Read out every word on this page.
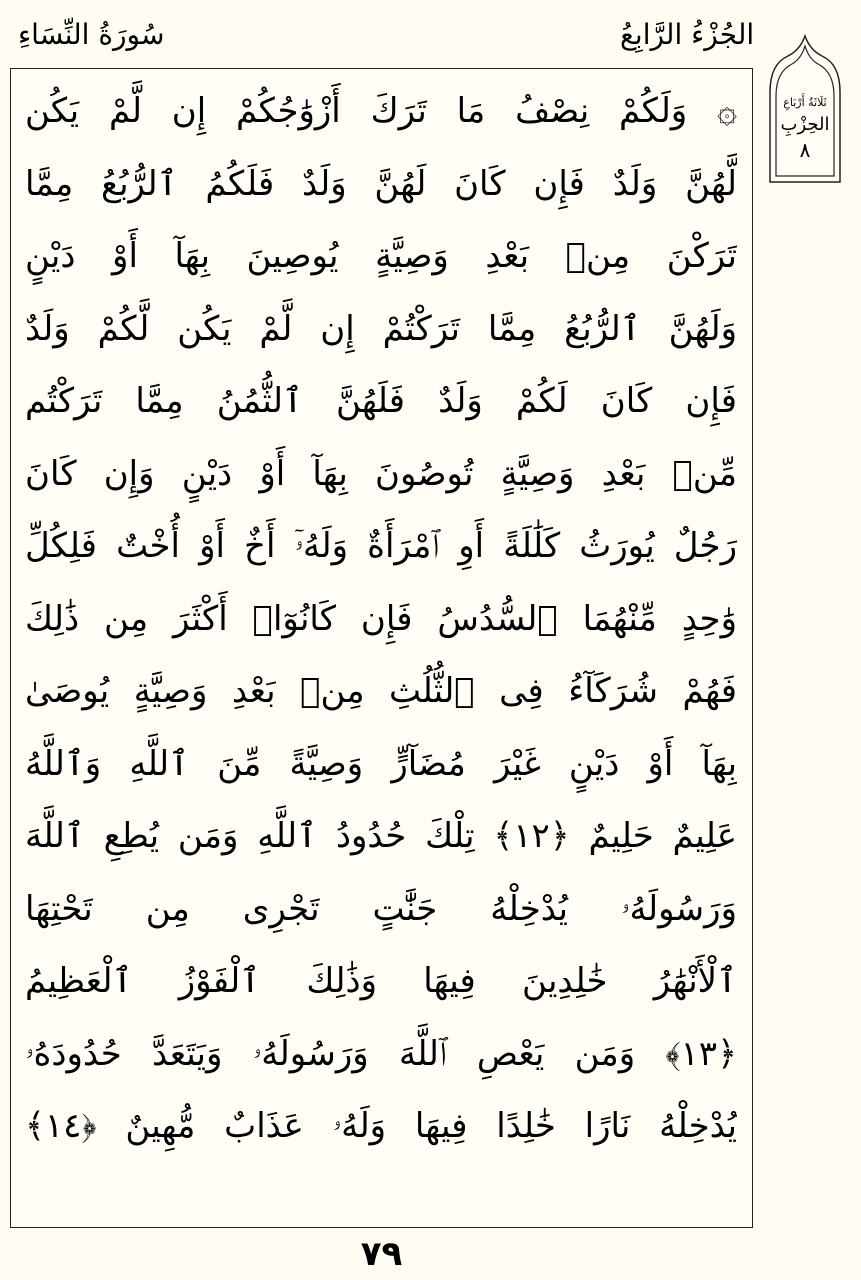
الجُزْءُ الرَّابِعُ
سُورَةُ النِّسَاءِ
ثَلَاثَةُ أَرْبَاعِ
الحِزْبِ
٨
۞ وَلَكُمْ نِصْفُ مَا تَرَكَ أَزْوَٰجُكُمْ إِن لَّمْ يَكُن
لَّهُنَّ وَلَدٌ فَإِن كَانَ لَهُنَّ وَلَدٌ فَلَكُمُ ٱلرُّبُعُ مِمَّا
تَرَكْنَ مِنۢ بَعْدِ وَصِيَّةٍ يُوصِينَ بِهَآ أَوْ دَيْنٍ
وَلَهُنَّ ٱلرُّبُعُ مِمَّا تَرَكْتُمْ إِن لَّمْ يَكُن لَّكُمْ وَلَدٌ
فَإِن كَانَ لَكُمْ وَلَدٌ فَلَهُنَّ ٱلثُّمُنُ مِمَّا تَرَكْتُم
مِّنۢ بَعْدِ وَصِيَّةٍ تُوصُونَ بِهَآ أَوْ دَيْنٍ وَإِن كَانَ
رَجُلٌ يُورَثُ كَلَٰلَةً أَوِ ٱمْرَأَةٌ وَلَهُۥٓ أَخٌ أَوْ أُخْتٌ فَلِكُلِّ
وَٰحِدٍ مِّنْهُمَا ٱلسُّدُسُ فَإِن كَانُوٓا۟ أَكْثَرَ مِن ذَٰلِكَ
فَهُمْ شُرَكَآءُ فِى ٱلثُّلُثِ مِنۢ بَعْدِ وَصِيَّةٍ يُوصَىٰ
بِهَآ أَوْ دَيْنٍ غَيْرَ مُضَآرٍّ وَصِيَّةً مِّنَ ٱللَّهِ وَٱللَّهُ
عَلِيمٌ حَلِيمٌ ﴿١٢﴾ تِلْكَ حُدُودُ ٱللَّهِ وَمَن يُطِعِ ٱللَّهَ
وَرَسُولَهُۥ يُدْخِلْهُ جَنَّٰتٍ تَجْرِى مِن تَحْتِهَا
ٱلْأَنْهَٰرُ خَٰلِدِينَ فِيهَا وَذَٰلِكَ ٱلْفَوْزُ ٱلْعَظِيمُ
﴿١٣﴾ وَمَن يَعْصِ ٱللَّهَ وَرَسُولَهُۥ وَيَتَعَدَّ حُدُودَهُۥ
يُدْخِلْهُ نَارًا خَٰلِدًا فِيهَا وَلَهُۥ عَذَابٌ مُّهِينٌ ﴿١٤﴾
٧٩
